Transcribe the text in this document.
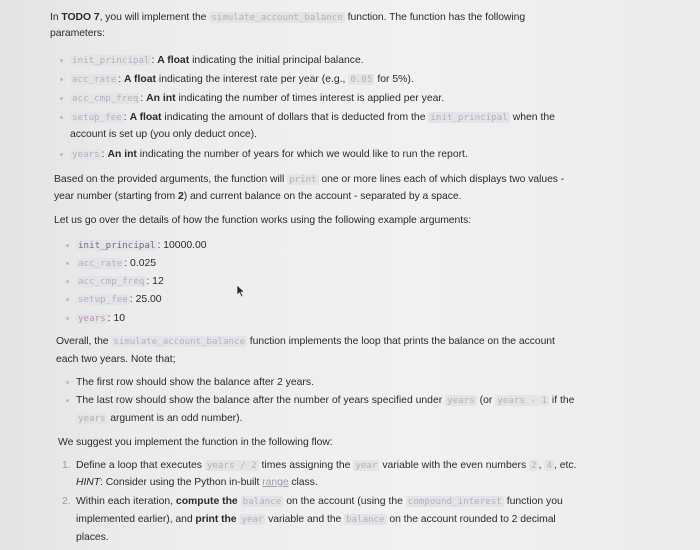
In TODO 7, you will implement the simulate_account_balance function. The function has the following

parameters:

init_principal : A float indicating the initial principal balance.
acc_rate : A float indicating the interest rate per year (e.g., 0.05 for 5%).
acc_cmp_freq : An int indicating the number of times interest is applied per year.
setup_fee : A float indicating the amount of dollars that is deducted from the init_principal when the

account is set up (you only deduct once).

years : An int indicating the number of years for which we would like to run the report.

Based on the provided arguments, the function will print one or more lines each of which displays two values -

year number (starting from 2) and current balance on the account - separated by a space.

Let us go over the details of how the function works using the following example arguments:

init_principal : 10000.00
acc_rate : 0.025
acc_cmp_freq : 12
setup_fee : 25.00
years : 10

Overall, the simulate_account_balance function implements the loop that prints the balance on the account

each two years. Note that;

The first row should show the balance after 2 years.
The last row should show the balance after the number of years specified under years (or years - 1 if the

years argument is an odd number).

We suggest you implement the function in the following flow:

1. Define a loop that executes years / 2 times assigning the year variable with the even numbers 2 , 4 , etc.

HINT: Consider using the Python in-built range class.

2. Within each iteration, compute the balance on the account (using the compound_interest function you

implemented earlier), and print the year variable and the balance on the account rounded to 2 decimal

places.
